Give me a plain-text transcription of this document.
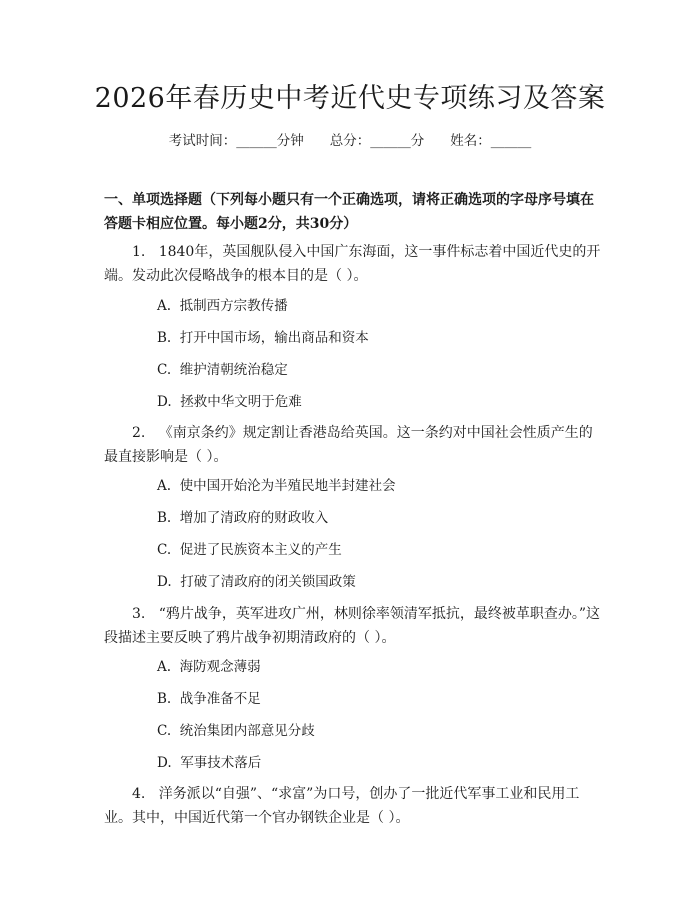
2026年春历史中考近代史专项练习及答案
考试时间：______分钟 总分：______分 姓名：______
一、单项选择题（下列每小题只有一个正确选项，请将正确选项的字母序号填在答题卡相应位置。每小题2分，共30分）
1.   1840年，英国舰队侵入中国广东海面，这一事件标志着中国近代史的开端。发动此次侵略战争的根本目的是（ ）。
A.  抵制西方宗教传播
B.  打开中国市场，输出商品和资本
C.  维护清朝统治稳定
D.  拯救中华文明于危难
2.   《南京条约》规定割让香港岛给英国。这一条约对中国社会性质产生的最直接影响是（ ）。
A.  使中国开始沦为半殖民地半封建社会
B.  增加了清政府的财政收入
C.  促进了民族资本主义的产生
D.  打破了清政府的闭关锁国政策
3.   “鸦片战争，英军进攻广州，林则徐率领清军抵抗，最终被革职查办。”这段描述主要反映了鸦片战争初期清政府的（ ）。
A.  海防观念薄弱
B.  战争准备不足
C.  统治集团内部意见分歧
D.  军事技术落后
4.   洋务派以“自强”、“求富”为口号，创办了一批近代军事工业和民用工业。其中，中国近代第一个官办钢铁企业是（ ）。
